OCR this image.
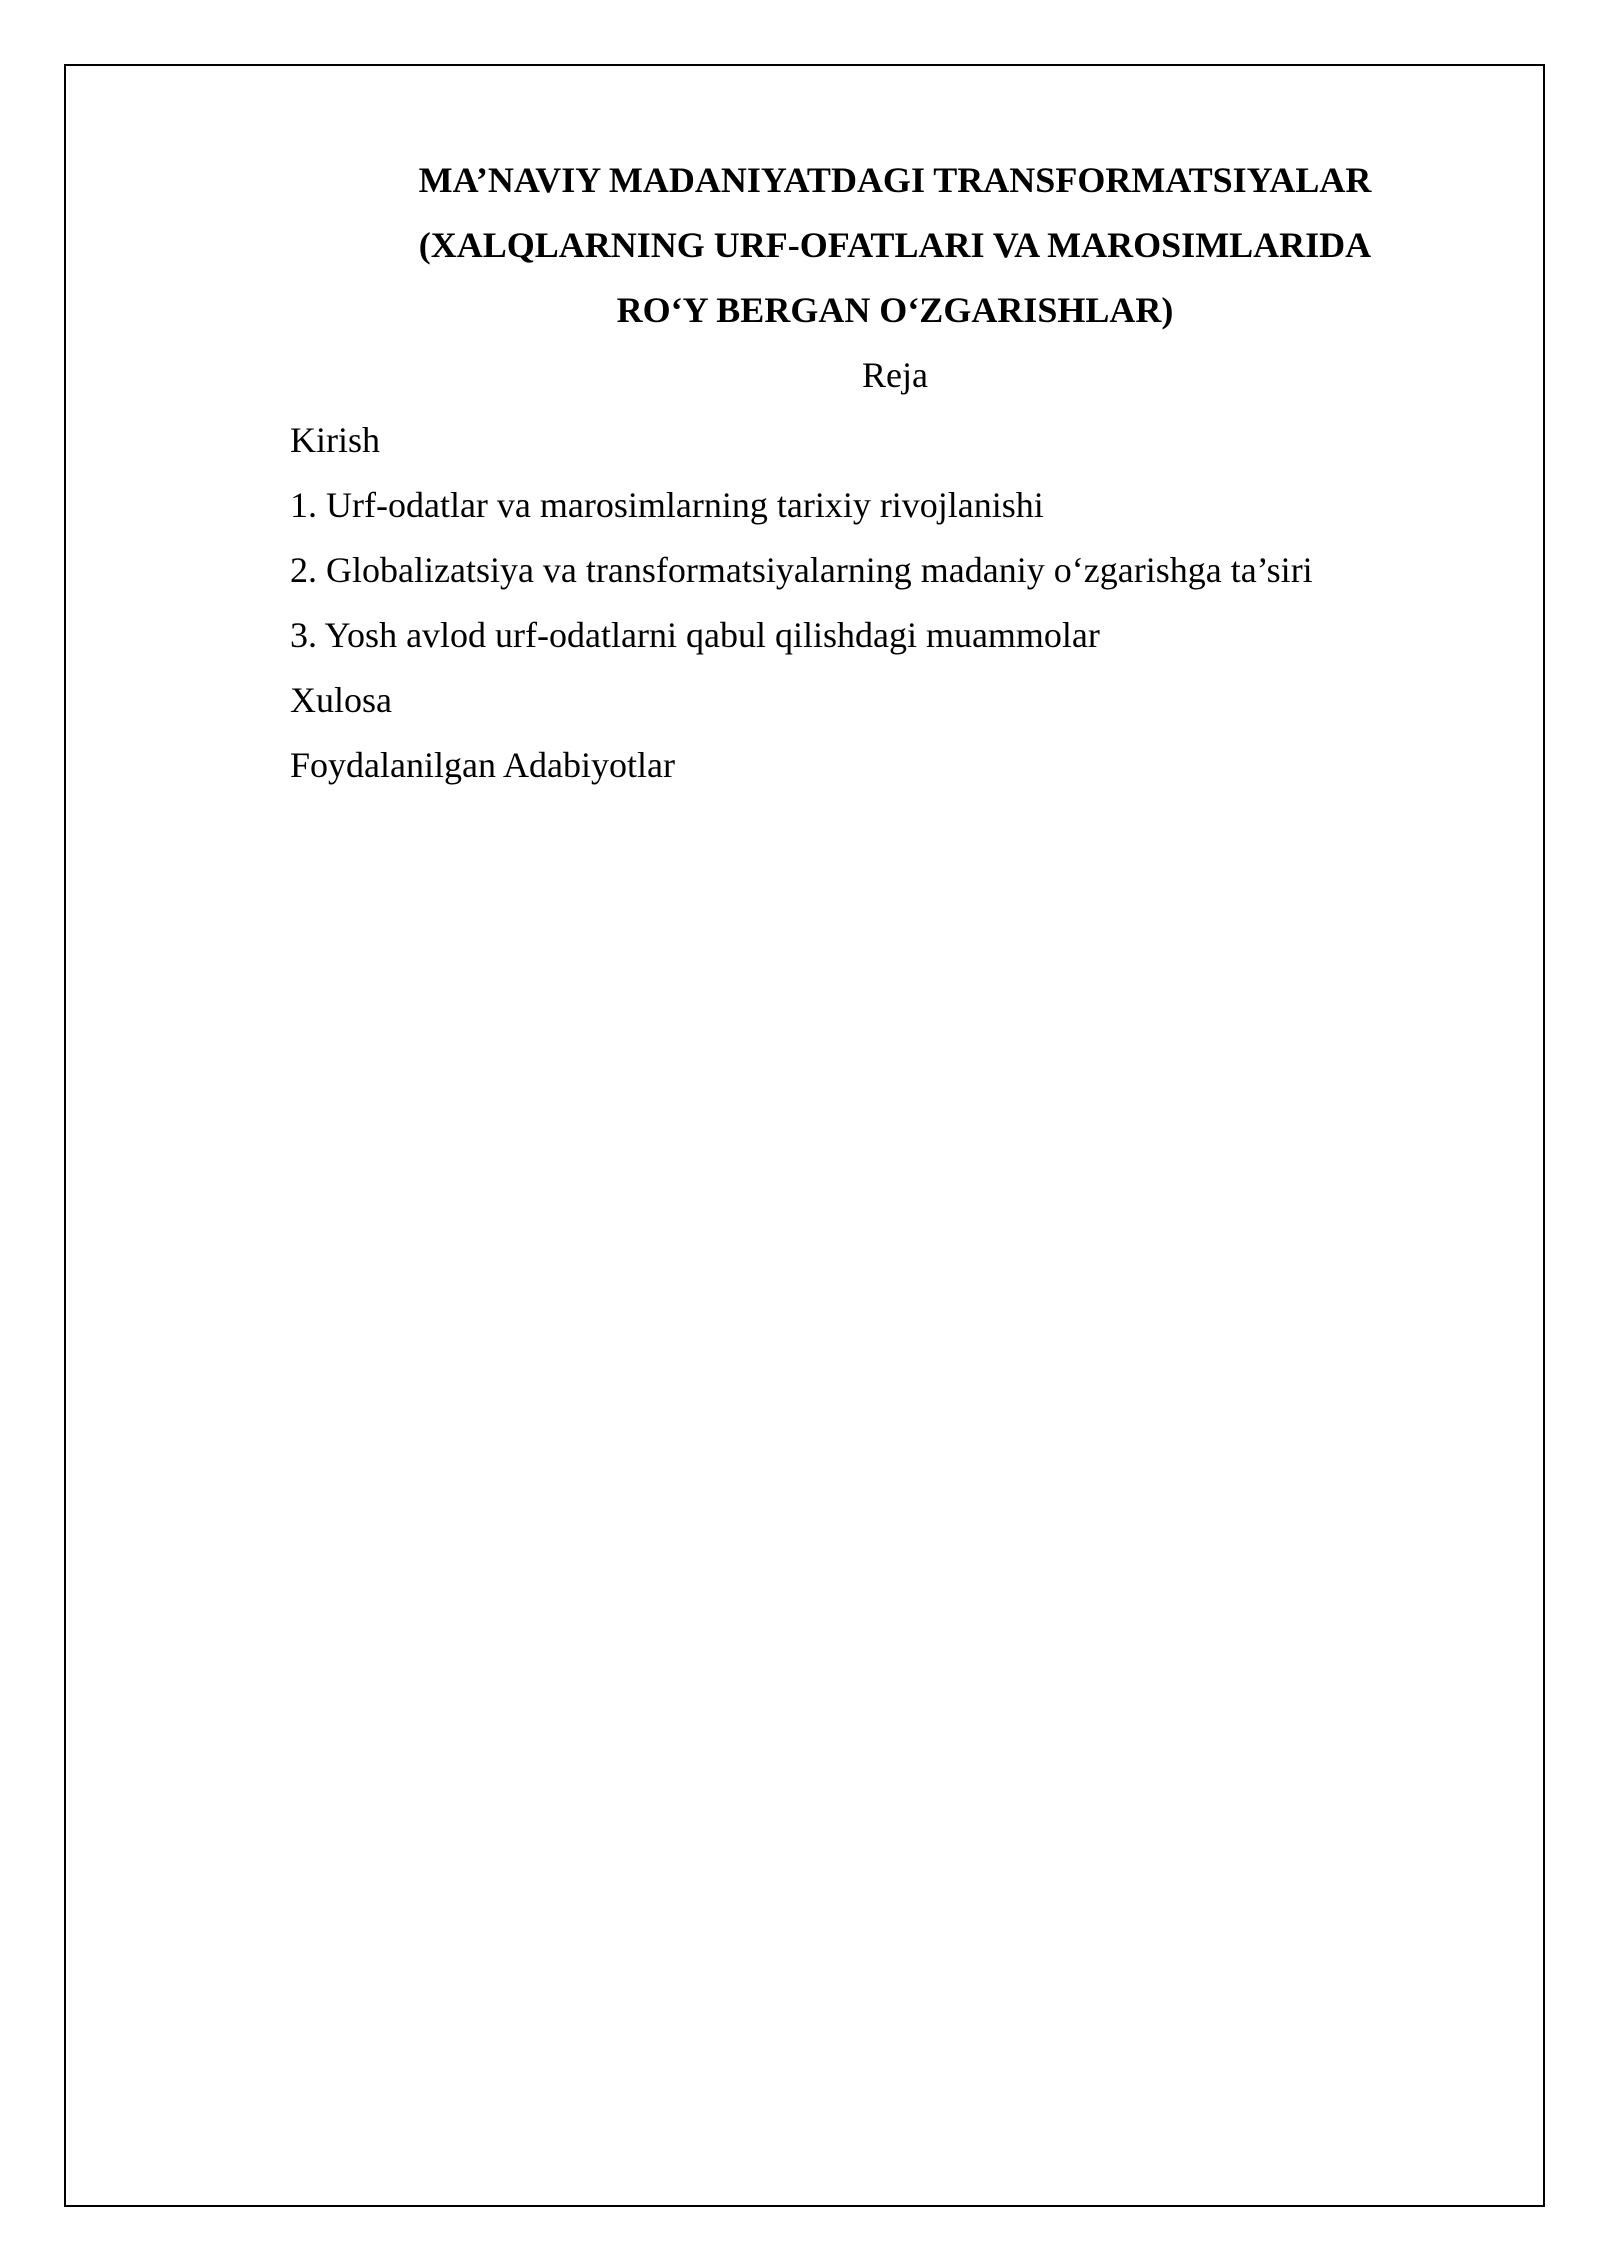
MA’NAVIY MADANIYATDAGI TRANSFORMATSIYALAR
(XALQLARNING URF-OFATLARI VA MAROSIMLARIDA
RO‘Y BERGAN O‘ZGARISHLAR)
Reja
Kirish
1. Urf-odatlar va marosimlarning tarixiy rivojlanishi
2. Globalizatsiya va transformatsiyalarning madaniy o‘zgarishga ta’siri
3. Yosh avlod urf-odatlarni qabul qilishdagi muammolar
Xulosa
Foydalanilgan Adabiyotlar
